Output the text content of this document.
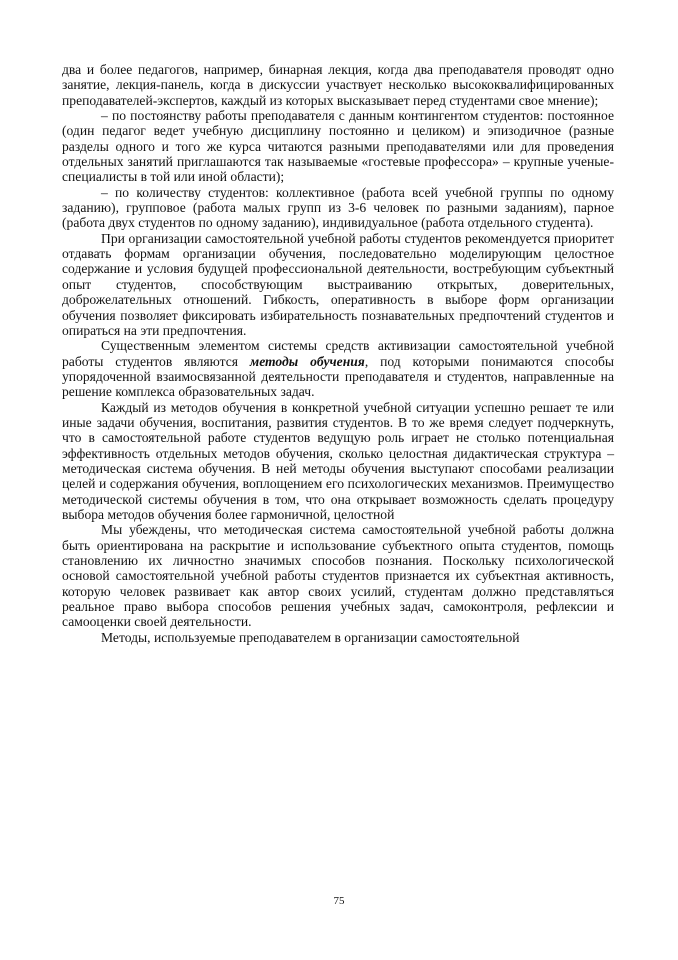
два и более педагогов, например, бинарная лекция, когда два преподавателя проводят одно занятие, лекция-панель, когда в дискуссии участвует несколько высококвалифицированных преподавателей-экспертов, каждый из которых высказывает перед студентами свое мнение);

– по постоянству работы преподавателя с данным контингентом студентов: постоянное (один педагог ведет учебную дисциплину постоянно и целиком) и эпизодичное (разные разделы одного и того же курса читаются разными преподавателями или для проведения отдельных занятий приглашаются так называемые «гостевые профессора» – крупные ученые-специалисты в той или иной области);

– по количеству студентов: коллективное (работа всей учебной группы по одному заданию), групповое (работа малых групп из 3-6 человек по разными заданиям), парное (работа двух студентов по одному заданию), индивидуальное (работа отдельного студента).

При организации самостоятельной учебной работы студентов рекомендуется приоритет отдавать формам организации обучения, последовательно моделирующим целостное содержание и условия будущей профессиональной деятельности, востребующим субъектный опыт студентов, способствующим выстраиванию открытых, доверительных, доброжелательных отношений. Гибкость, оперативность в выборе форм организации обучения позволяет фиксировать избирательность познавательных предпочтений студентов и опираться на эти предпочтения.

Существенным элементом системы средств активизации самостоятельной учебной работы студентов являются методы обучения, под которыми понимаются способы упорядоченной взаимосвязанной деятельности преподавателя и студентов, направленные на решение комплекса образовательных задач.

Каждый из методов обучения в конкретной учебной ситуации успешно решает те или иные задачи обучения, воспитания, развития студентов. В то же время следует подчеркнуть, что в самостоятельной работе студентов ведущую роль играет не столько потенциальная эффективность отдельных методов обучения, сколько целостная дидактическая структура – методическая система обучения. В ней методы обучения выступают способами реализации целей и содержания обучения, воплощением его психологических механизмов. Преимущество методической системы обучения в том, что она открывает возможность сделать процедуру выбора методов обучения более гармоничной, целостной

Мы убеждены, что методическая система самостоятельной учебной работы должна быть ориентирована на раскрытие и использование субъектного опыта студентов, помощь становлению их личностно значимых способов познания. Поскольку психологической основой самостоятельной учебной работы студентов признается их субъектная активность, которую человек развивает как автор своих усилий, студентам должно представляться реальное право выбора способов решения учебных задач, самоконтроля, рефлексии и самооценки своей деятельности.

Методы, используемые преподавателем в организации самостоятельной

75
